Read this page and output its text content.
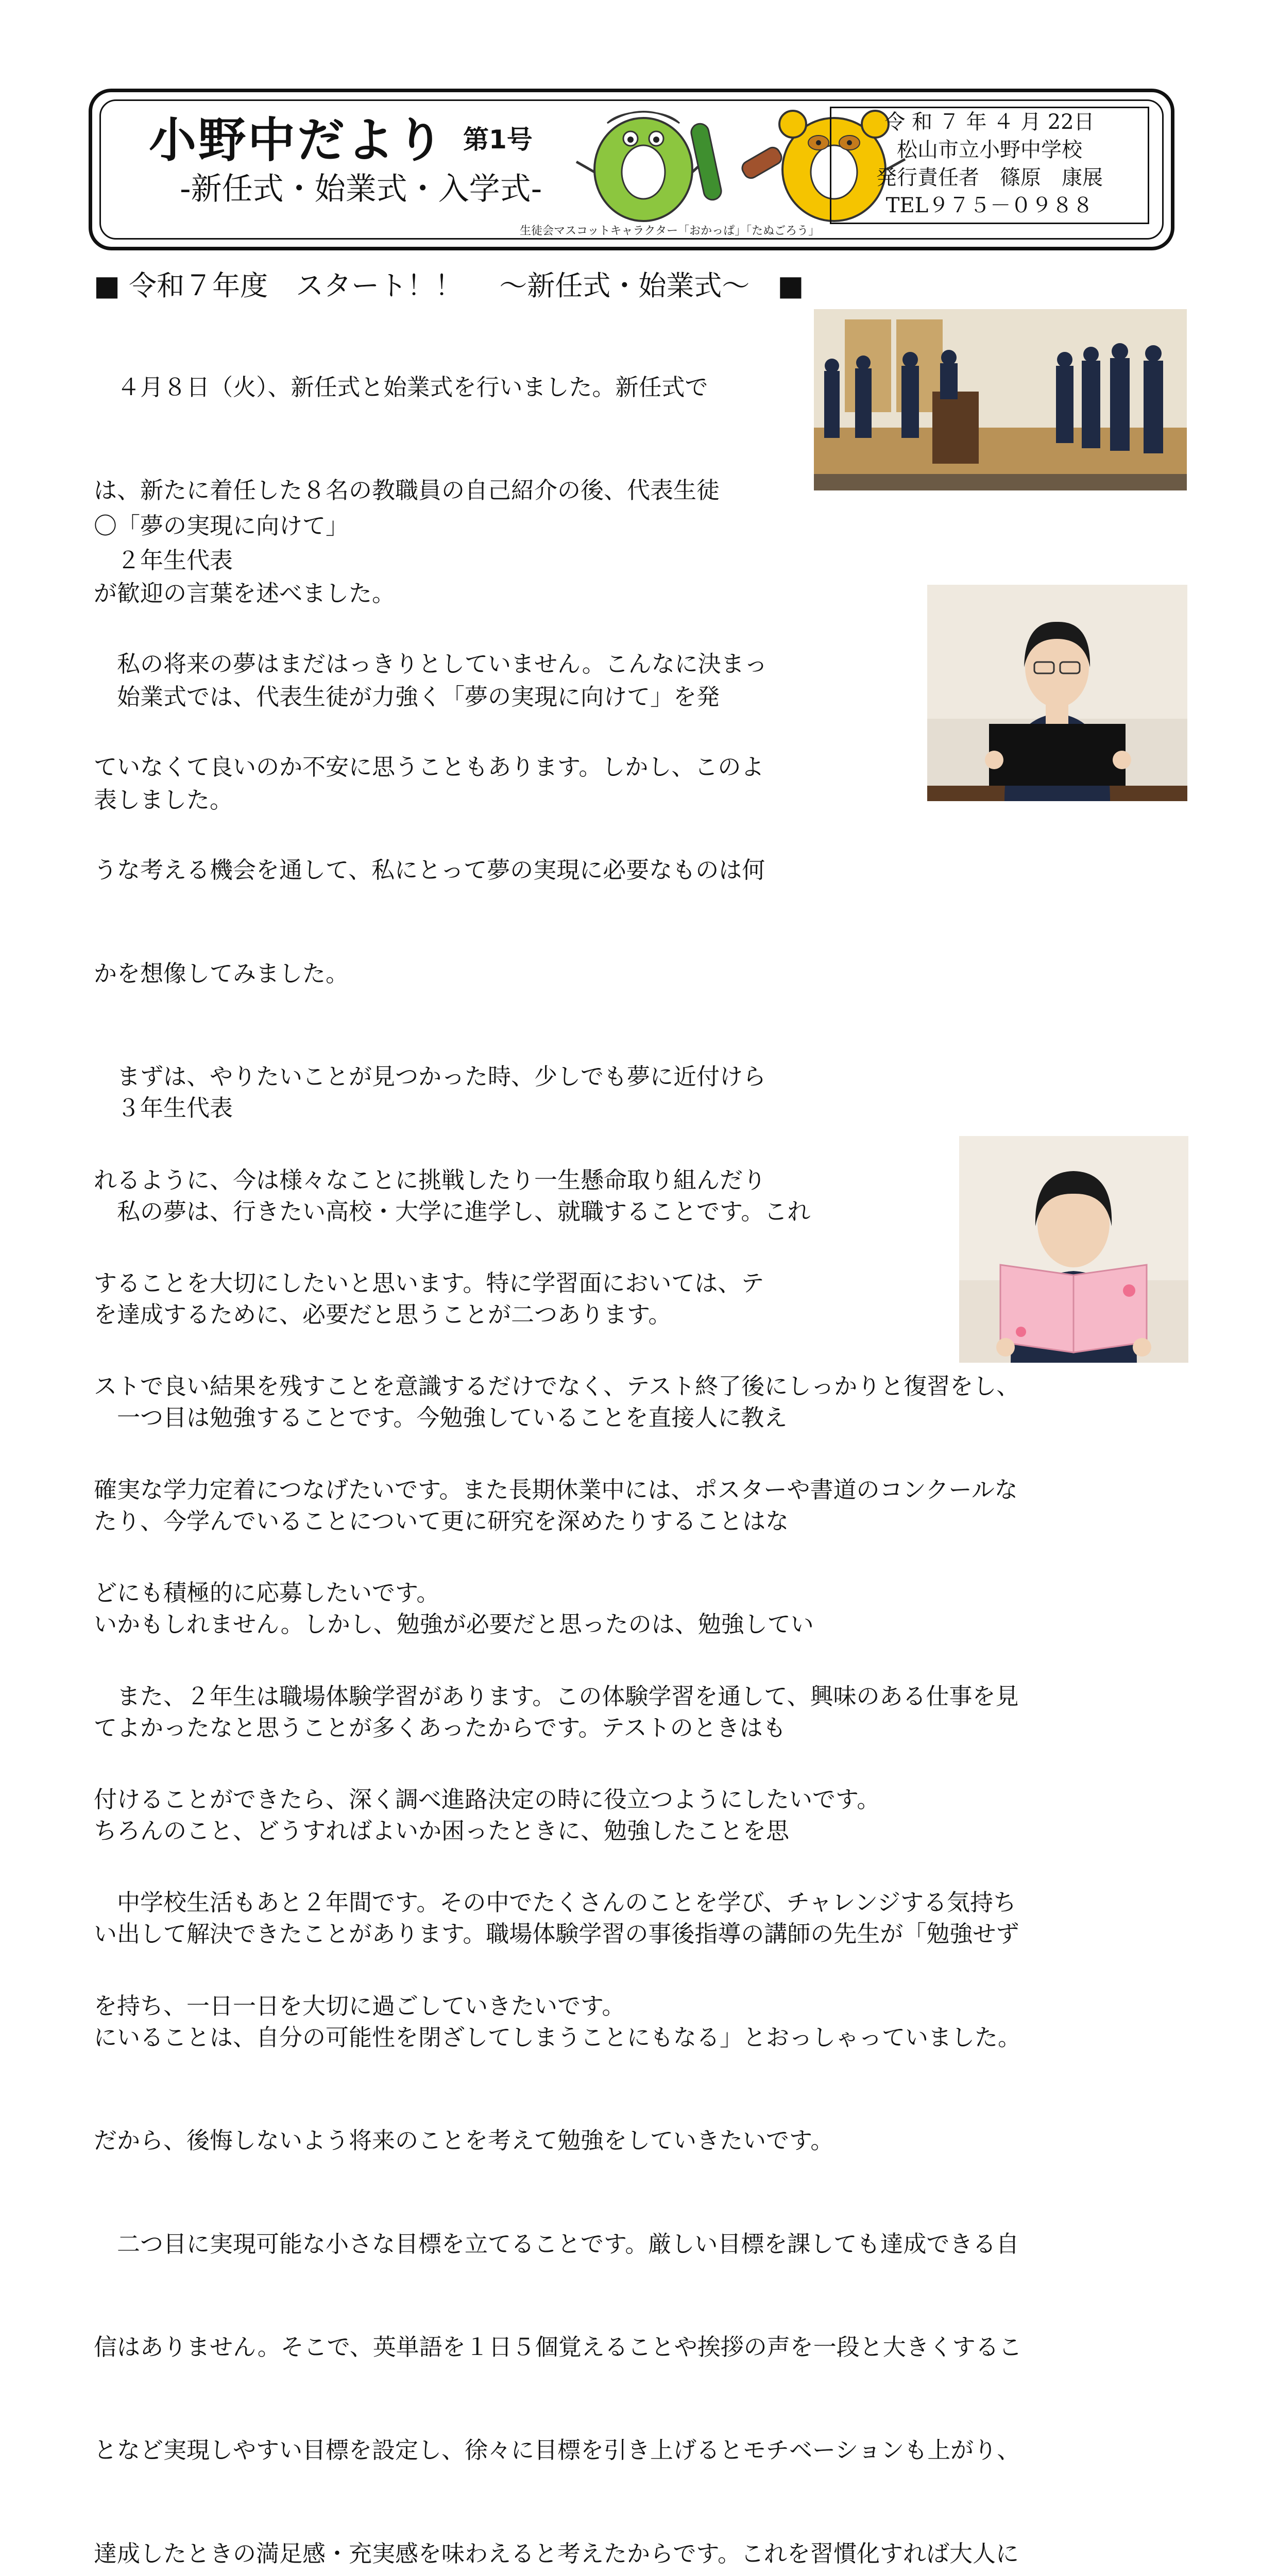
小野中だより 第1号
-新任式・始業式・入学式-
生徒会マスコットキャラクター「おかっぱ」「たぬごろう」
令 和 ７ 年 ４ 月 22日
松山市立小野中学校
発行責任者　篠原　康展
TEL９７５－０９８８
■ 令和７年度　スタート！！　 ～新任式・始業式～　■

　４月８日（火）、新任式と始業式を行いました。新任式で

は、新たに着任した８名の教職員の自己紹介の後、代表生徒

が歓迎の言葉を述べました。

　始業式では、代表生徒が力強く「夢の実現に向けて」を発

表しました。

〇「夢の実現に向けて」
　２年生代表

　私の将来の夢はまだはっきりとしていません。こんなに決まっ

ていなくて良いのか不安に思うこともあります。しかし、このよ

うな考える機会を通して、私にとって夢の実現に必要なものは何

かを想像してみました。

　まずは、やりたいことが見つかった時、少しでも夢に近付けら

れるように、今は様々なことに挑戦したり一生懸命取り組んだり

することを大切にしたいと思います。特に学習面においては、テ

ストで良い結果を残すことを意識するだけでなく、テスト終了後にしっかりと復習をし、

確実な学力定着につなげたいです。また長期休業中には、ポスターや書道のコンクールな

どにも積極的に応募したいです。

　また、２年生は職場体験学習があります。この体験学習を通して、興味のある仕事を見

付けることができたら、深く調べ進路決定の時に役立つようにしたいです。

　中学校生活もあと２年間です。その中でたくさんのことを学び、チャレンジする気持ち

を持ち、一日一日を大切に過ごしていきたいです。

　３年生代表

　私の夢は、行きたい高校・大学に進学し、就職することです。これ

を達成するために、必要だと思うことが二つあります。

　一つ目は勉強することです。今勉強していることを直接人に教え

たり、今学んでいることについて更に研究を深めたりすることはな

いかもしれません。しかし、勉強が必要だと思ったのは、勉強してい

てよかったなと思うことが多くあったからです。テストのときはも

ちろんのこと、どうすればよいか困ったときに、勉強したことを思

い出して解決できたことがあります。職場体験学習の事後指導の講師の先生が「勉強せず

にいることは、自分の可能性を閉ざしてしまうことにもなる」とおっしゃっていました。

だから、後悔しないよう将来のことを考えて勉強をしていきたいです。

　二つ目に実現可能な小さな目標を立てることです。厳しい目標を課しても達成できる自

信はありません。そこで、英単語を１日５個覚えることや挨拶の声を一段と大きくするこ

となど実現しやすい目標を設定し、徐々に目標を引き上げるとモチベーションも上がり、

達成したときの満足感・充実感を味わえると考えたからです。これを習慣化すれば大人に
